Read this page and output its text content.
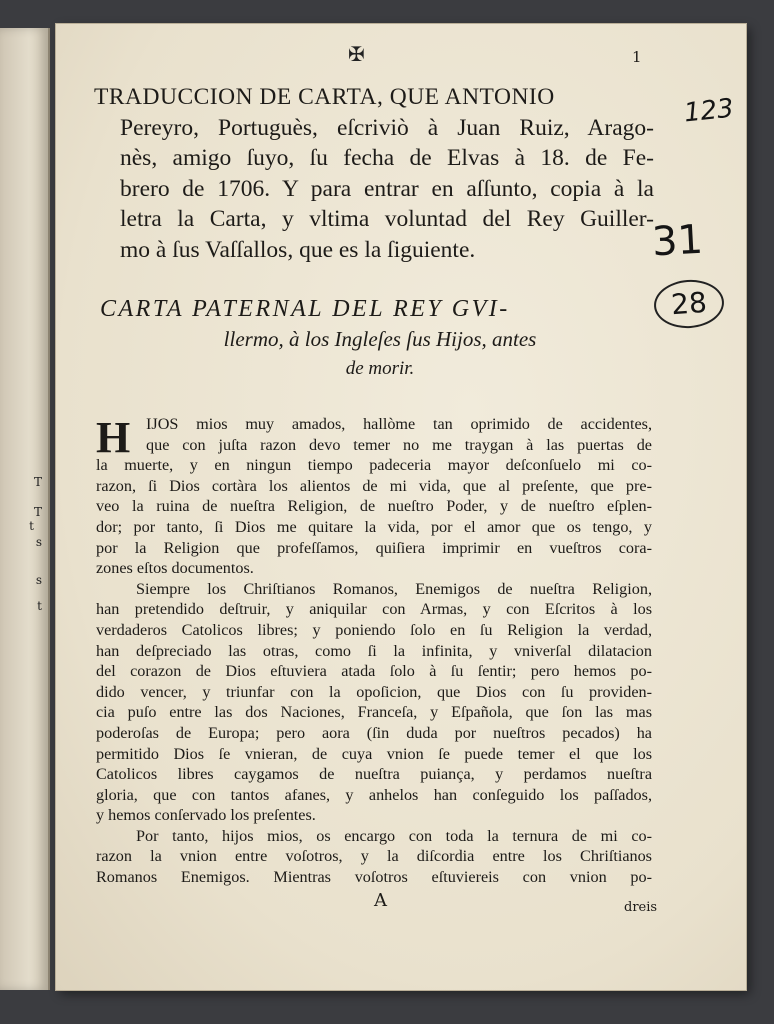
T
T
s
s
t
t
✠	1
TRADUCCION DE CARTA, QUE ANTONIO
Pereyro, Portuguès, eſcriviò à Juan Ruiz, Arago-
nès, amigo ſuyo, ſu fecha de Elvas à 18. de Fe-
brero de 1706. Y para entrar en aſſunto, copia à la
letra la Carta, y vltima voluntad del Rey Guiller-
mo à ſus Vaſſallos, que es la ſiguiente.
CARTA PATERNAL DEL REY GVI-
llermo, à los Ingleſes ſus Hijos, antes
de morir.
H IJOS mios muy amados, hallòme tan oprimido de accidentes,
que con juſta razon devo temer no me traygan à las puertas de
la muerte, y en ningun tiempo padeceria mayor deſconſuelo mi co-
razon, ſi Dios cortàra los alientos de mi vida, que al preſente, que pre-
veo la ruina de nueſtra Religion, de nueſtro Poder, y de nueſtro eſplen-
dor; por tanto, ſi Dios me quitare la vida, por el amor que os tengo, y
por la Religion que profeſſamos, quiſiera imprimir en vueſtros cora-
zones eſtos documentos.

Siempre los Chriſtianos Romanos, Enemigos de nueſtra Religion,
han pretendido deſtruir, y aniquilar con Armas, y con Eſcritos à los
verdaderos Catolicos libres; y poniendo ſolo en ſu Religion la verdad,
han deſpreciado las otras, como ſi la infinita, y vniverſal dilatacion
del corazon de Dios eſtuviera atada ſolo à ſu ſentir; pero hemos po-
dido vencer, y triunfar con la opoſicion, que Dios con ſu providen-
cia puſo entre las dos Naciones, Franceſa, y Eſpañola, que ſon las mas
poderoſas de Europa; pero aora (ſin duda por nueſtros pecados) ha
permitido Dios ſe vnieran, de cuya vnion ſe puede temer el que los
Catolicos libres caygamos de nueſtra puiança, y perdamos nueſtra
gloria, que con tantos afanes, y anhelos han conſeguido los paſſados,
y hemos conſervado los preſentes.

Por tanto, hijos mios, os encargo con toda la ternura de mi co-
razon la vnion entre voſotros, y la diſcordia entre los Chriſtianos
Romanos Enemigos. Mientras voſotros eſtuviereis con vnion po-

A	dreis
123
31
28
